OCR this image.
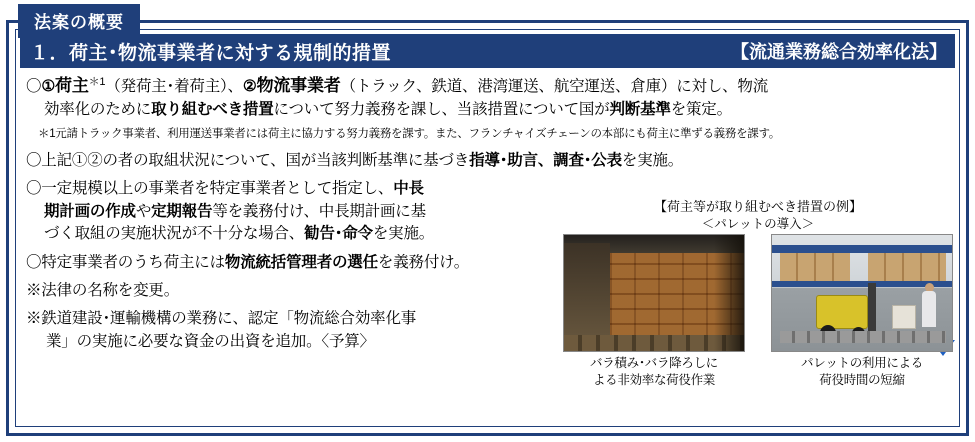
法案の概要
１．荷主･物流事業者に対する規制的措置	【流通業務総合効率化法】

〇①荷主$^{*1}$（発荷主･着荷主）、②物流事業者（トラック、鉄道、港湾運送、航空運送、倉庫）に対し、物流
効率化のために取り組むべき措置について努力義務を課し、当該措置について国が判断基準を策定。

＊1元請トラック事業者、利用運送事業者には荷主に協力する努力義務を課す。また、フランチャイズチェーンの本部にも荷主に準ずる義務を課す。

〇上記①②の者の取組状況について、国が当該判断基準に基づき指導･助言、調査･公表を実施。

〇一定規模以上の事業者を特定事業者として指定し、中長
期計画の作成や定期報告等を義務付け、中長期計画に基
づく取組の実施状況が不十分な場合、勧告･命令を実施。

〇特定事業者のうち荷主には物流統括管理者の選任を義務付け。

※法律の名称を変更。

※鉄道建設･運輸機構の業務に、認定「物流総合効率化事
業」の実施に必要な資金の出資を追加。〈予算〉

【荷主等が取り組むべき措置の例】
＜パレットの導入＞
バラ積み･バラ降ろしに
よる非効率な荷役作業
パレットの利用による
荷役時間の短縮
